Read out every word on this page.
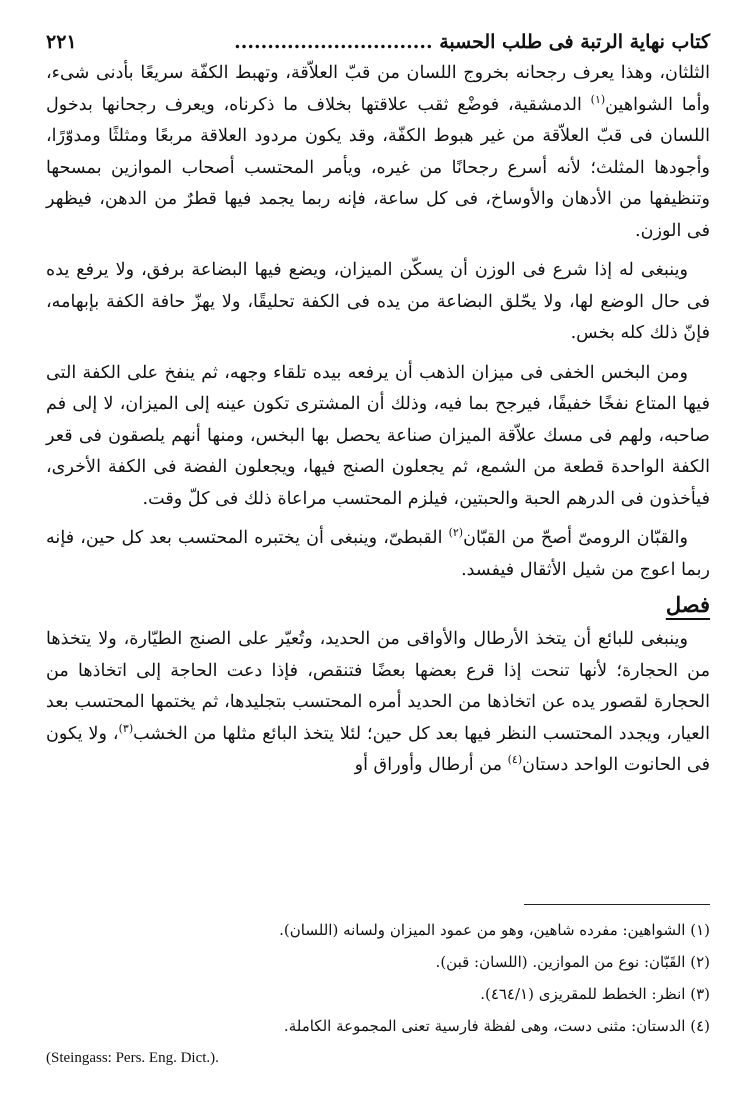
كتاب نهاية الرتبة فى طلب الحسبة ..............................
٢٢١

الثلثان، وهذا يعرف رجحانه بخروج اللسان من قبّ العلاّقة، وتهبط الكفّة سريعًا بأدنى شىء، وأما الشواهين$^{(١)}$ الدمشقية، فوضْع ثقب علاقتها بخلاف ما ذكرناه، ويعرف رجحانها بدخول اللسان فى قبّ العلاّقة من غير هبوط الكفّة، وقد يكون مردود العلاقة مربعًا ومثلثًا ومدوّرًا، وأجودها المثلث؛ لأنه أسرع رجحانًا من غيره، ويأمر المحتسب أصحاب الموازين بمسحها وتنظيفها من الأدهان والأوساخ، فى كل ساعة، فإنه ربما يجمد فيها قطرٌ من الدهن، فيظهر فى الوزن.

وينبغى له إذا شرع فى الوزن أن يسكّن الميزان، ويضع فيها البضاعة برفق، ولا يرفع يده فى حال الوضع لها، ولا يحّلق البضاعة من يده فى الكفة تحليقًا، ولا يهزّ حافة الكفة بإبهامه، فإنّ ذلك كله بخس.

ومن البخس الخفى فى ميزان الذهب أن يرفعه بيده تلقاء وجهه، ثم ينفخ على الكفة التى فيها المتاع نفخًا خفيفًا، فيرجح بما فيه، وذلك أن المشترى تكون عينه إلى الميزان، لا إلى فم صاحبه، ولهم فى مسك علاّقة الميزان صناعة يحصل بها البخس، ومنها أنهم يلصقون فى قعر الكفة الواحدة قطعة من الشمع، ثم يجعلون الصنج فيها، ويجعلون الفضة فى الكفة الأخرى، فيأخذون فى الدرهم الحبة والحبتين، فيلزم المحتسب مراعاة ذلك فى كلّ وقت.

والقبّان الرومىّ أصحّ من القبّان$^{(٢)}$ القبطىّ، وينبغى أن يختبره المحتسب بعد كل حين، فإنه ربما اعوج من شيل الأثقال فيفسد.

فصل

وينبغى للبائع أن يتخذ الأرطال والأواقى من الحديد، وتُعيّر على الصنج الطيّارة، ولا يتخذها من الحجارة؛ لأنها تنحت إذا قرع بعضها بعضًا فتنقص، فإذا دعت الحاجة إلى اتخاذها من الحجارة لقصور يده عن اتخاذها من الحديد أمره المحتسب بتجليدها، ثم يختمها المحتسب بعد العيار، ويجدد المحتسب النظر فيها بعد كل حين؛ لئلا يتخذ البائع مثلها من الخشب$^{(٣)}$، ولا يكون فى الحانوت الواحد دستان$^{(٤)}$ من أرطال وأوراق أو

(١) الشواهين: مفرده شاهين، وهو من عمود الميزان ولسانه (اللسان).

(٢) القَبّان: نوع من الموازين. (اللسان: قبن).

(٣) انظر: الخطط للمقريزى (٤٦٤/١).

(٤) الدستان: مثنى دست، وهى لفظة فارسية تعنى المجموعة الكاملة.

(Steingass: Pers. Eng. Dict.).
